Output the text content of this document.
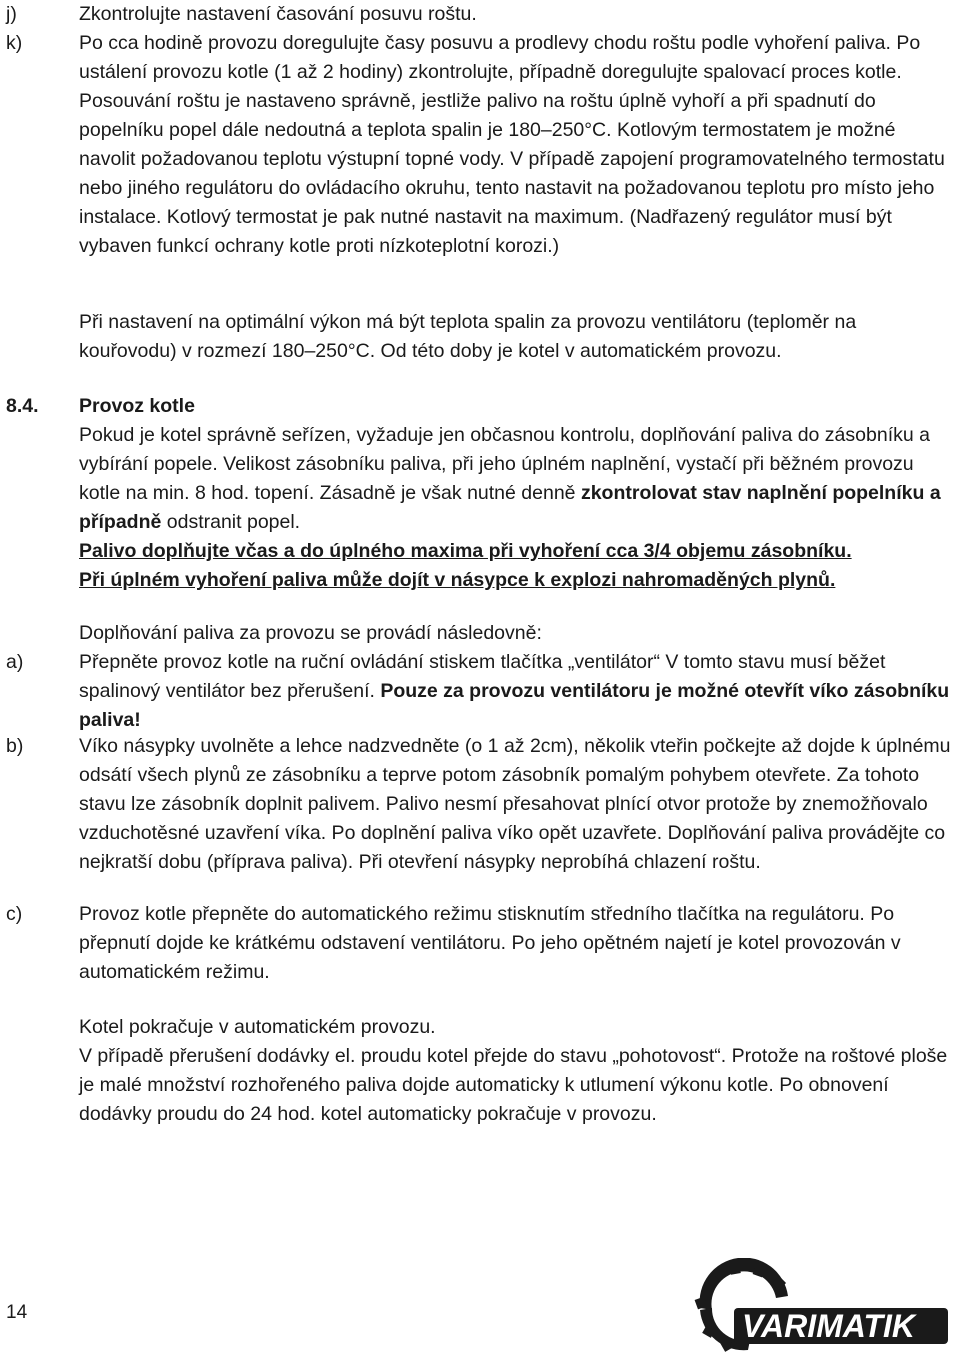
j)	Zkontrolujte nastavení časování posuvu roštu.

k)	Po cca hodině provozu doregulujte časy posuvu a prodlevy chodu roštu podle vyhoření paliva. Po ustálení provozu kotle (1 až 2 hodiny) zkontrolujte, případně doregulujte spalovací proces kotle. Posouvání roštu je nastaveno správně, jestliže palivo na roštu úplně vyhoří a při spadnutí do popelníku popel dále nedoutná a teplota spalin je 180–250°C. Kotlovým termostatem je možné navolit požadovanou teplotu výstupní topné vody. V případě zapojení programovatelného termostatu nebo jiného regulátoru do ovládacího okruhu, tento nastavit na požadovanou teplotu pro místo jeho instalace. Kotlový termostat je pak nutné nastavit na maximum. (Nadřazený regulátor musí být vybaven funkcí ochrany kotle proti nízkoteplotní korozi.)

Při nastavení na optimální výkon má být teplota spalin za provozu ventilátoru (teploměr na kouřovodu) v rozmezí 180–250°C. Od této doby je kotel v automatickém provozu.

8.4.	Provoz kotle

Pokud je kotel správně seřízen, vyžaduje jen občasnou kontrolu, doplňování paliva do zásobníku a vybírání popele. Velikost zásobníku paliva, při jeho úplném naplnění, vystačí při běžném provozu kotle na min. 8 hod. topení. Zásadně je však nutné denně zkontrolovat stav naplnění popelníku a případně odstranit popel.

Palivo doplňujte včas a do úplného maxima při vyhoření cca 3/4 objemu zásobníku.

Při úplném vyhoření paliva může dojít v násypce k explozi nahromaděných plynů.

Doplňování paliva za provozu se provádí následovně:

a)	Přepněte provoz kotle na ruční ovládání stiskem tlačítka „ventilátor“ V tomto stavu musí běžet spalinový ventilátor bez přerušení. Pouze za provozu ventilátoru je možné otevřít víko zásobníku paliva!

b)	Víko násypky uvolněte a lehce nadzvedněte (o 1 až 2cm), několik vteřin počkejte až dojde k úplnému odsátí všech plynů ze zásobníku a teprve potom zásobník pomalým pohybem otevřete. Za tohoto stavu lze zásobník doplnit palivem. Palivo nesmí přesahovat plnící otvor protože by znemožňovalo vzduchotěsné uzavření víka. Po doplnění paliva víko opět uzavřete. Doplňování paliva provádějte co nejkratší dobu (příprava paliva). Při otevření násypky neprobíhá chlazení roštu.

c)	Provoz kotle přepněte do automatického režimu stisknutím středního tlačítka na regulátoru. Po přepnutí dojde ke krátkému odstavení ventilátoru. Po jeho opětném najetí je kotel provozován v automatickém režimu.

Kotel pokračuje v automatickém provozu.

V případě přerušení dodávky el. proudu kotel přejde do stavu „pohotovost“. Protože na roštové ploše je malé množství rozhořeného paliva dojde automaticky k utlumení výkonu kotle. Po obnovení dodávky proudu do 24 hod. kotel automaticky pokračuje v provozu.

14	VARIMATIK
